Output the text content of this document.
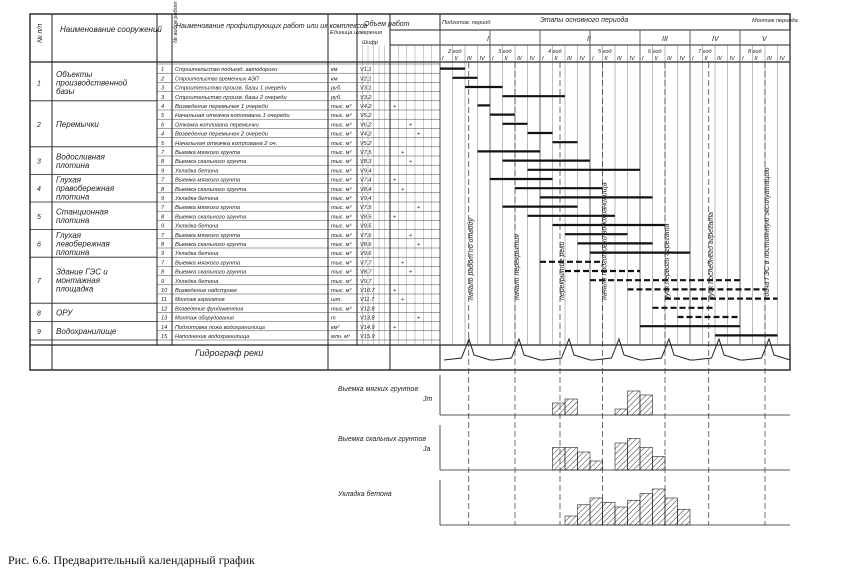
№ п/п Наименование сооружений № видов работ
Наименование профилирующих работ или их комплексов
Единица измерения
Объем работ
Шифр
Подготов. период	Этапы основного периода	Монтаж периода
I	II	III	IV	V
2 год	3 год	4 год	5 год	6 год	7 год	8 год
I II III IV I II III IV I II III IV I II III IV I II III IV I II III IV I II III IV
1
Объекты
производственной
базы
2 Перемычки
3
Водосливная
плотина
4
Глухая
правобережная
плотина
5
Станционная
плотина
6
Глухая
левобережная
плотина
7
Здание ГЭС и
монтажная
площадка
8 ОРУ
9 Водохранилище
1 Строительство подъезд. автодороги	км	V1.1
2 Строительство временных АЭП	км	V2.1
3 Строительство произв. базы 1 очереди	руб.	V3.1
3 Строительство произв. базы 2 очереди	руб.	V3.2
4 Возведение перемычек 1 очереди	тыс. м³ V4.2	+
5 Начальная откачка котлована 1 очереди	тыс. м³ V5.2
6 Откачка котлована перемычки	тыс. м³ V6.2	+
4 Возведение перемычек 2 очереди	тыс. м³ V4.2	+
5 Начальная откачка котлована 2 оч.	тыс. м³ V5.2
7 Выемка мягкого грунта	тыс. м³ V7.5	+
8 Выемка скального грунта	тыс. м³ V8.3	+
9 Укладка бетона	тыс. м³ V9.4
7 Выемка мягкого грунта	тыс. м³ V7.4	+
8 Выемка скального грунта	тыс. м³ V8.4	+
9 Укладка бетона	тыс. м³ V9.4
7 Выемка мягкого грунта	тыс. м³ V7.5	+
8 Выемка скального грунта	тыс. м³ V8.5	+
9 Укладка бетона	тыс. м³ V9.5
7 Выемка мягкого грунта	тыс. м³ V7.6	+
8 Выемка скального грунта	тыс. м³ V8.6	+
9 Укладка бетона	тыс. м³ V9.6
7 Выемка мягкого грунта	тыс. м³ V7.7	+
8 Выемка скального грунта	тыс. м³ V8.7	+
9 Укладка бетона	тыс. м³ V9.7
10 Возведение надстроек	тыс. м³ V10.7	+
11 Монтаж агрегатов	шт.	V11.7	+
12 Возведение фундаментов	тыс. м³ V12.8
13 Монтаж оборудования	т	V13.8	+
14 Подготовка ложа водохранилища	км²	V14.9	+
15 Наполнение водохранилища	млн. м³ V15.9
начало работ по отводу	начало перекрытия	перекрытие реки	начало подготовки водохранилища	пуск первого агрегата	пуск последнего агрегата	сдача ГЭС в постоянную эксплуатацию
Гидрограф реки
Выемка мягких грунтов
Jт
Выемка скальных грунтов
Jа
Укладка бетона
Рис. 6.6. Предварительный календарный график
